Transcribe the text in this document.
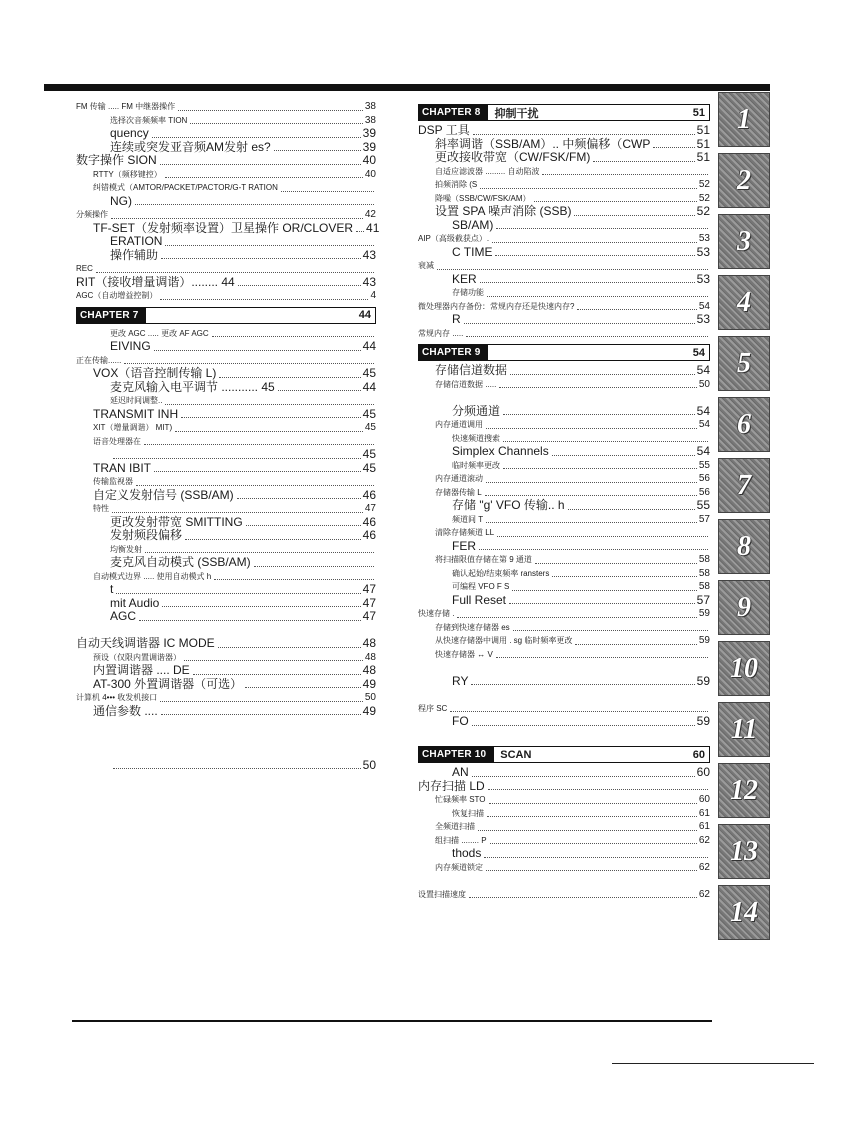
FM 传输 ..... FM 中继器操作	38
选择次音频频率 TION	38
quency	39
连续或突发亚音频AM发射 es?	39
数字操作 SION	40
RTTY（频移键控）	40
纠错模式（AMTOR/PACKET/PACTOR/G-T RATION
NG)
分频操作	42
TF-SET（发射频率设置）卫星操作 OR/CLOVER 41
ERATION
操作辅助	43
REC
RIT（接收增量调谐）........ 44	43
AGC（自动增益控制）	4
CHAPTER 7	44
更改 AGC ..... 更改 AF AGC
EIVING	44
正在传输......
VOX（语音控制传输 L)	45
麦克风输入电平调节 ........... 45	44
延迟时间调整..
TRANSMIT INH	45
XIT（增量调谐） MIT)	45
语音处理器在
45
TRAN IBIT	45
传输监视器
自定义发射信号 (SSB/AM)	46
特性	47
更改发射带宽 SMITTING	46
发射频段偏移	46
均衡发射
麦克风自动模式 (SSB/AM)
自动模式边界 ..... 使用自动模式 h
t	47
mit Audio	47
AGC	47
自动天线调谐器 IC MODE	48
预设（仅限内置调谐器）	48
内置调谐器 .... DE	48
AT-300 外置调谐器（可选）	49
计算机 4••• 收发机接口	50
通信参数 ....	49
50
CHAPTER 8	抑制干扰	51
DSP 工具	51
斜率调谐（SSB/AM）.. 中频偏移（CWP	51
更改接收带宽（CW/FSK/FM)	51
自适应滤波器 ......... 自动陷波
拍频消除 (S	52
降噪（SSB/CW/FSK/AM）	52
设置 SPA 噪声消除 (SSB)	52
SB/AM)
AIP（高级截获点）.	53
C TIME	53
衰减
KER	53
存储功能
微处理器内存备份：常规内存还是快速内存?	54
R	53
常规内存 .....
CHAPTER 9	54
存储信道数据	54
存储信道数据 .....	50
分频通道	54
内存通道调用	54
快速频道搜索
Simplex Channels	54
临时频率更改	55
内存通道滚动	56
存储器传输 L	56
存储 "g' VFO 传输.. h	55
频道间 T	57
清除存储频道 LL
FER
将扫描限值存储在第 9 通道	58
确认起始/结束频率 ransters	58
可编程 VFO F S	58
Full Reset	57
快速存储 .	59
存储到快速存储器 es
从快速存储器中调用 . sg 临时频率更改	59
快速存储器 ↔ V
RY	59
程序 SC
FO	59
CHAPTER 10	SCAN	60
AN	60
内存扫描 LD
忙碌频率 STO	60
恢复扫描	61
全频道扫描	61
组扫描 ........ P	62
thods
内存频道锁定	62
设置扫描速度	62
1
2
3
4
5
6
7
8
9
10
11
12
13
14
